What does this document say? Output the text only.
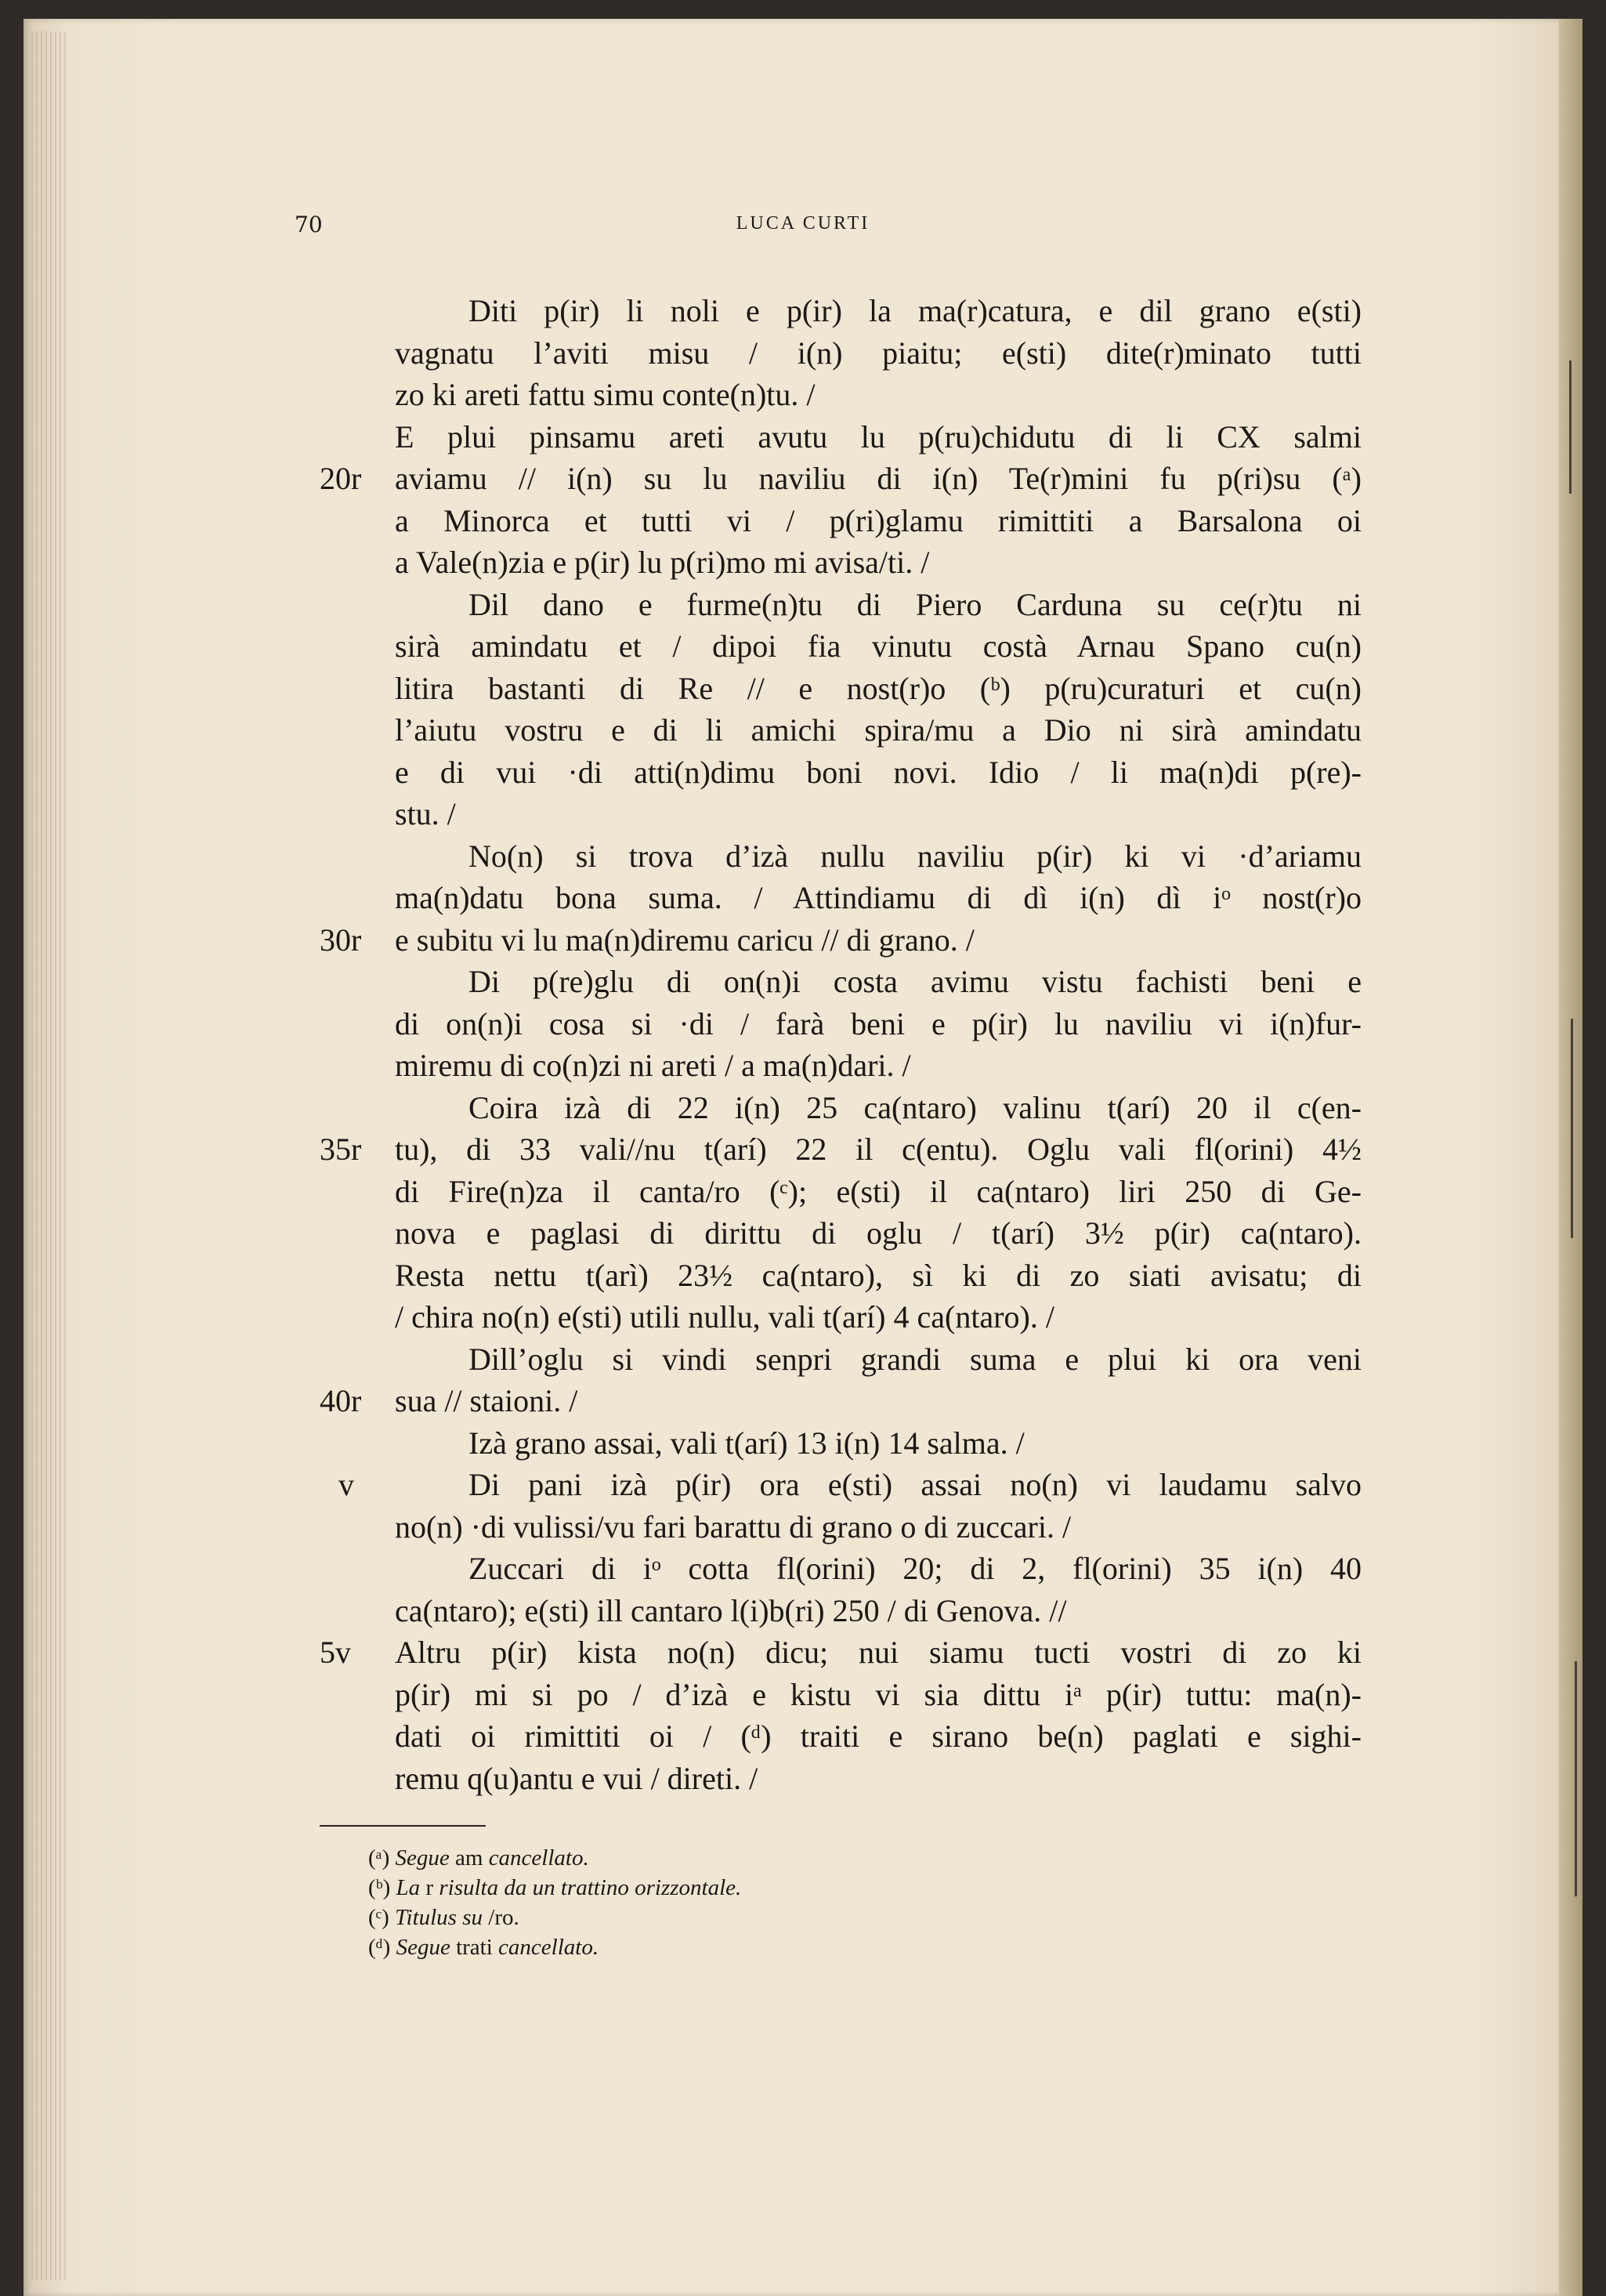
70	LUCA CURTI
Diti p(ir) li noli e p(ir) la ma(r)catura, e dil grano e(sti)
vagnatu l’aviti misu / i(n) piaitu; e(sti) dite(r)minato tutti
zo ki areti fattu simu conte(n)tu. /
E plui pinsamu areti avutu lu p(ru)chidutu di li CX salmi
20r	aviamu // i(n) su lu naviliu di i(n) Te(r)mini fu p(ri)su (ᵃ)
a Minorca et tutti vi / p(ri)glamu rimittiti a Barsalona oi
a Vale(n)zia e p(ir) lu p(ri)mo mi avisa/ti. /
Dil dano e furme(n)tu di Piero Carduna su ce(r)tu ni
sirà amindatu et / dipoi fia vinutu costà Arnau Spano cu(n)
litira bastanti di Re // e nost(r)o (ᵇ) p(ru)curaturi et cu(n)
l’aiutu vostru e di li amichi spira/mu a Dio ni sirà amindatu
e di vui ·di atti(n)dimu boni novi. Idio / li ma(n)di p(re)-
stu. /
No(n) si trova d’izà nullu naviliu p(ir) ki vi ·d’ariamu
ma(n)datu bona suma. / Attindiamu di dì i(n) dì iᵒ nost(r)o
30r	e subitu vi lu ma(n)diremu caricu // di grano. /
Di p(re)glu di on(n)i costa avimu vistu fachisti beni e
di on(n)i cosa si ·di / farà beni e p(ir) lu naviliu vi i(n)fur-
miremu di co(n)zi ni areti / a ma(n)dari. /
Coira izà di 22 i(n) 25 ca(ntaro) valinu t(arí) 20 il c(en-
35r	tu), di 33 vali//nu t(arí) 22 il c(entu). Oglu vali fl(orini) 4½
di Fire(n)za il canta/ro (ᶜ); e(sti) il ca(ntaro) liri 250 di Ge-
nova e paglasi di dirittu di oglu / t(arí) 3½ p(ir) ca(ntaro).
Resta nettu t(arì) 23½ ca(ntaro), sì ki di zo siati avisatu; di
/ chira no(n) e(sti) utili nullu, vali t(arí) 4 ca(ntaro). /
Dill’oglu si vindi senpri grandi suma e plui ki ora veni
40r	sua // staioni. /
Izà grano assai, vali t(arí) 13 i(n) 14 salma. /
v	Di pani izà p(ir) ora e(sti) assai no(n) vi laudamu salvo
no(n) ·di vulissi/vu fari barattu di grano o di zuccari. /
Zuccari di iᵒ cotta fl(orini) 20; di 2, fl(orini) 35 i(n) 40
ca(ntaro); e(sti) ill cantaro l(i)b(ri) 250 / di Genova. //
5v	Altru p(ir) kista no(n) dicu; nui siamu tucti vostri di zo ki
p(ir) mi si po / d’izà e kistu vi sia dittu iᵃ p(ir) tuttu: ma(n)-
dati oi rimittiti oi / (ᵈ) traiti e sirano be(n) paglati e sighi-
remu q(u)antu e vui / direti. /
(ᵃ) Segue am cancellato.
(ᵇ) La r risulta da un trattino orizzontale.
(ᶜ) Titulus su /ro.
(ᵈ) Segue trati cancellato.
